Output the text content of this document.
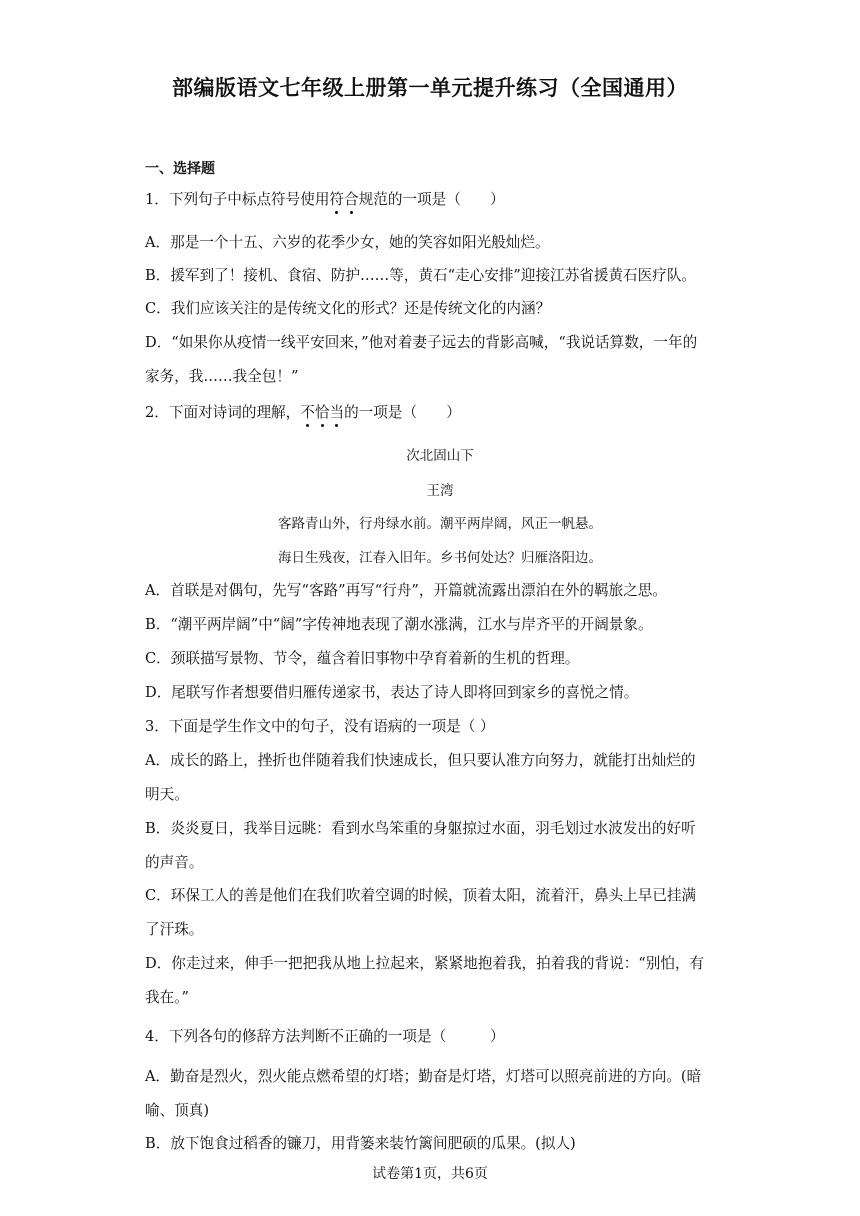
部编版语文七年级上册第一单元提升练习（全国通用）
一、选择题
1．下列句子中标点符号使用符合规范的一项是（　　）
A．那是一个十五、六岁的花季少女，她的笑容如阳光般灿烂。
B．援军到了！接机、食宿、防护……等，黄石“走心安排”迎接江苏省援黄石医疗队。
C．我们应该关注的是传统文化的形式？还是传统文化的内涵？
D．“如果你从疫情一线平安回来，”他对着妻子远去的背影高喊，“我说话算数，一年的
家务，我……我全包！”
2．下面对诗词的理解，不恰当的一项是（　　）
次北固山下
王湾
客路青山外，行舟绿水前。潮平两岸阔，风正一帆悬。
海日生残夜，江春入旧年。乡书何处达？归雁洛阳边。
A．首联是对偶句，先写“客路”再写“行舟”，开篇就流露出漂泊在外的羁旅之思。
B．“潮平两岸阔”中“阔”字传神地表现了潮水涨满，江水与岸齐平的开阔景象。
C．颈联描写景物、节令，蕴含着旧事物中孕育着新的生机的哲理。
D．尾联写作者想要借归雁传递家书，表达了诗人即将回到家乡的喜悦之情。
3．下面是学生作文中的句子，没有语病的一项是（ ）
A．成长的路上，挫折也伴随着我们快速成长，但只要认准方向努力，就能打出灿烂的
明天。
B．炎炎夏日，我举目远眺：看到水鸟笨重的身躯掠过水面，羽毛划过水波发出的好听
的声音。
C．环保工人的善是他们在我们吹着空调的时候，顶着太阳，流着汗，鼻头上早已挂满
了汗珠。
D．你走过来，伸手一把把我从地上拉起来，紧紧地抱着我，拍着我的背说：“别怕，有
我在。”
4．下列各句的修辞方法判断不正确的一项是（　　　）
A．勤奋是烈火，烈火能点燃希望的灯塔；勤奋是灯塔，灯塔可以照亮前进的方向。(暗
喻、顶真)
B．放下饱食过稻香的镰刀，用背篓来装竹篱间肥硕的瓜果。(拟人)
试卷第1页，共6页
